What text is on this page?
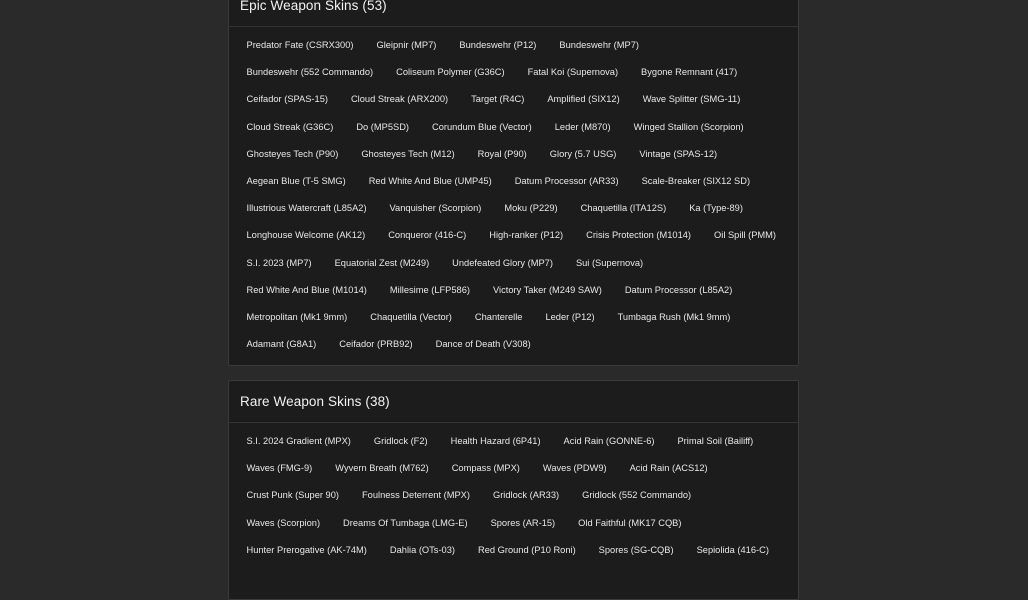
Epic Weapon Skins (53)
Predator Fate (CSRX300)	Gleipnir (MP7)	Bundeswehr (P12)	Bundeswehr (MP7)
Bundeswehr (552 Commando)	Coliseum Polymer (G36C)	Fatal Koi (Supernova)	Bygone Remnant (417)
Ceifador (SPAS-15)	Cloud Streak (ARX200)	Target (R4C)	Amplified (SIX12)	Wave Splitter (SMG-11)
Cloud Streak (G36C)	Do (MP5SD)	Corundum Blue (Vector)	Leder (M870)	Winged Stallion (Scorpion)
Ghosteyes Tech (P90)	Ghosteyes Tech (M12)	Royal (P90)	Glory (5.7 USG)	Vintage (SPAS-12)
Aegean Blue (T-5 SMG)	Red White And Blue (UMP45)	Datum Processor (AR33)	Scale-Breaker (SIX12 SD)
Illustrious Watercraft (L85A2)	Vanquisher (Scorpion)	Moku (P229)	Chaquetilla (ITA12S)	Ka (Type-89)
Longhouse Welcome (AK12)	Conqueror (416-C)	High-ranker (P12)	Crisis Protection (M1014)	Oil Spill (PMM)
S.I. 2023 (MP7)	Equatorial Zest (M249)	Undefeated Glory (MP7)	Sui (Supernova)
Red White And Blue (M1014)	Millesime (LFP586)	Victory Taker (M249 SAW)	Datum Processor (L85A2)
Metropolitan (Mk1 9mm)	Chaquetilla (Vector)	Chanterelle	Leder (P12)	Tumbaga Rush (Mk1 9mm)
Adamant (G8A1)	Ceifador (PRB92)	Dance of Death (V308)
Rare Weapon Skins (38)
S.I. 2024 Gradient (MPX)	Gridlock (F2)	Health Hazard (6P41)	Acid Rain (GONNE-6)	Primal Soil (Bailiff)
Waves (FMG-9)	Wyvern Breath (M762)	Compass (MPX)	Waves (PDW9)	Acid Rain (ACS12)
Crust Punk (Super 90)	Foulness Deterrent (MPX)	Gridlock (AR33)	Gridlock (552 Commando)
Waves (Scorpion)	Dreams Of Tumbaga (LMG-E)	Spores (AR-15)	Old Faithful (MK17 CQB)
Hunter Prerogative (AK-74M)	Dahlia (OTs-03)	Red Ground (P10 Roni)	Spores (SG-CQB)	Sepiolida (416-C)
